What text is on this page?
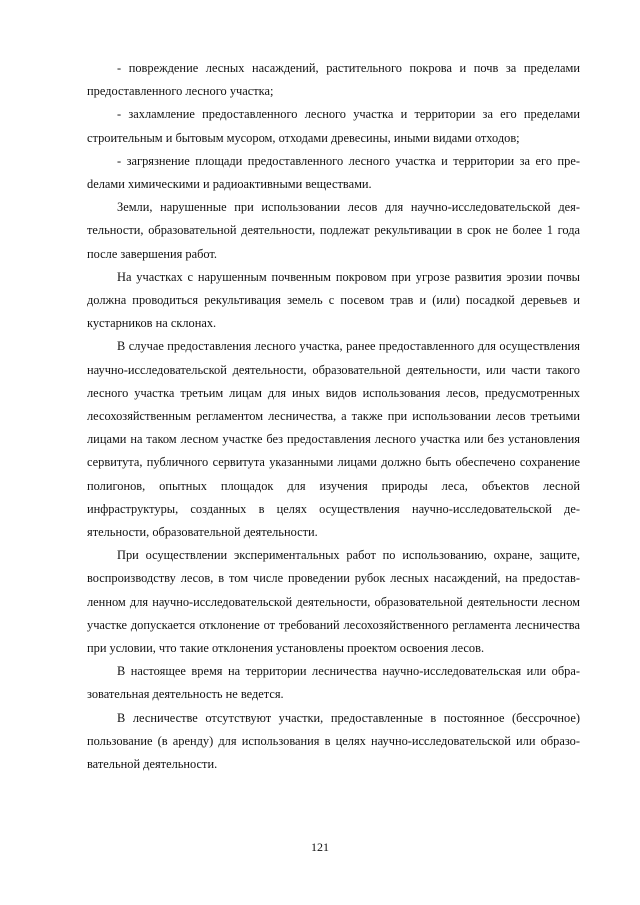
- повреждение лесных насаждений, растительного покрова и почв за пределами предоставленного лесного участка;

- захламление предоставленного лесного участка и территории за его пределами строительным и бытовым мусором, отходами древесины, иными видами отходов;

- загрязнение площади предоставленного лесного участка и территории за его преdелами химическими и радиоактивными веществами.

Земли, нарушенные при использовании лесов для научно-исследовательской деятельности, образовательной деятельности, подлежат рекультивации в срок не более 1 года после завершения работ.

На участках с нарушенным почвенным покровом при угрозе развития эрозии почвы должна проводиться рекультивация земель с посевом трав и (или) посадкой деревьев и кустарников на склонах.

В случае предоставления лесного участка, ранее предоставленного для осуществления научно-исследовательской деятельности, образовательной деятельности, или части такого лесного участка третьим лицам для иных видов использования лесов, предусмотренных лесохозяйственным регламентом лесничества, а также при использовании лесов третьими лицами на таком лесном участке без предоставления лесного участка или без установления сервитута, публичного сервитута указанными лицами должно быть обеспечено сохранение полигонов, опытных площадок для изучения природы леса, объектов лесной инфраструктуры, созданных в целях осуществления научно-исследовательской деятельности, образовательной деятельности.

При осуществлении экспериментальных работ по использованию, охране, защите, воспроизводству лесов, в том числе проведении рубок лесных насаждений, на предоставленном для научно-исследовательской деятельности, образовательной деятельности лесном участке допускается отклонение от требований лесохозяйственного регламента лесничества при условии, что такие отклонения установлены проектом освоения лесов.

В настоящее время на территории лесничества научно-исследовательская или образовательная деятельность не ведется.

В лесничестве отсутствуют участки, предоставленные в постоянное (бессрочное) пользование (в аренду) для использования в целях научно-исследовательской или образовательной деятельности.

121
